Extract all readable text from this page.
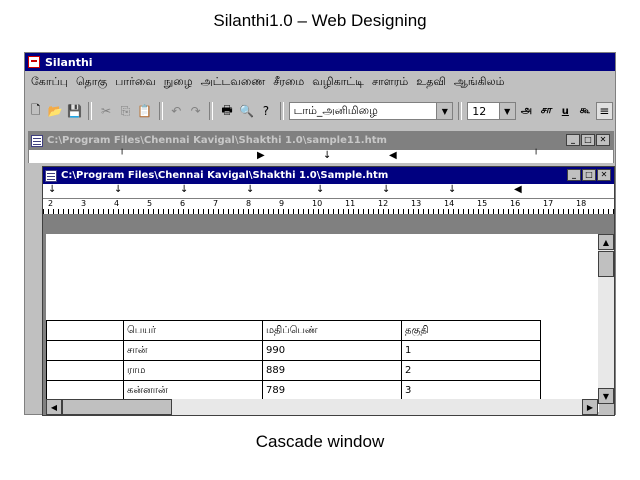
Silanthi1.0 – Web Designing
Silanthi
கோப்பு தொகு பார்வை நுழை அட்டவணை சீரமை வழிகாட்டி சாளரம் உதவி ஆங்கிலம்
🗋 📂 💾	✂ ⎘ 📋	↶ ↷	🖶 🔍 ?	டாம்_அனிமிழை	▼	12	▼	அ சா	u	கூ ≡
C:\Program Files\Chennai Kavigal\Shakthi 1.0\sample11.htm	_	□ ✕
╵	▶	↓	◀	╵
C:\Program Files\Chennai Kavigal\Shakthi 1.0\Sample.htm	_	□ ✕
↓	↓	↓	↓	↓	↓	↓	◀
2	3	4	5	6	7	8	9	10	11	12	13	14	15	16	17	18
	பெயர்	மதிப்பெண்	தகுதி
	சான்	990	1
	ராம	889	2
	கன்னான்	789	3
▲
▼
◀	▶
Cascade window
